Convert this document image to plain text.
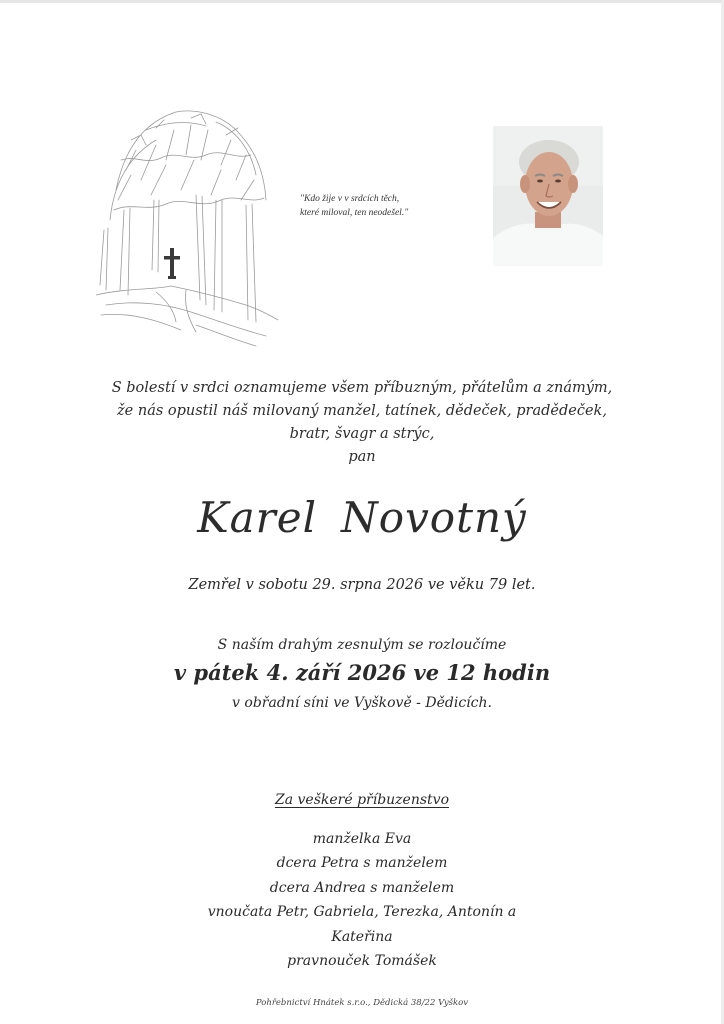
"Kdo žije v v srdcích těch,
které miloval, ten neodešel."
S bolestí v srdci oznamujeme všem příbuzným, přátelům a známým,
že nás opustil náš milovaný manžel, tatínek, dědeček, pradědeček,
bratr, švagr a strýc,
pan
Karel Novotný
Zemřel v sobotu 29. srpna 2026 ve věku 79 let.
S naším drahým zesnulým se rozloučíme
v pátek 4. září 2026 ve 12 hodin
v obřadní síni ve Vyškově - Dědicích.
Za veškeré příbuzenstvo
manželka Eva
dcera Petra s manželem
dcera Andrea s manželem
vnoučata Petr, Gabriela, Terezka, Antonín a
Kateřina
pravnouček Tomášek
Pohřebnictví Hnátek s.r.o., Dědická 38/22 Vyškov
